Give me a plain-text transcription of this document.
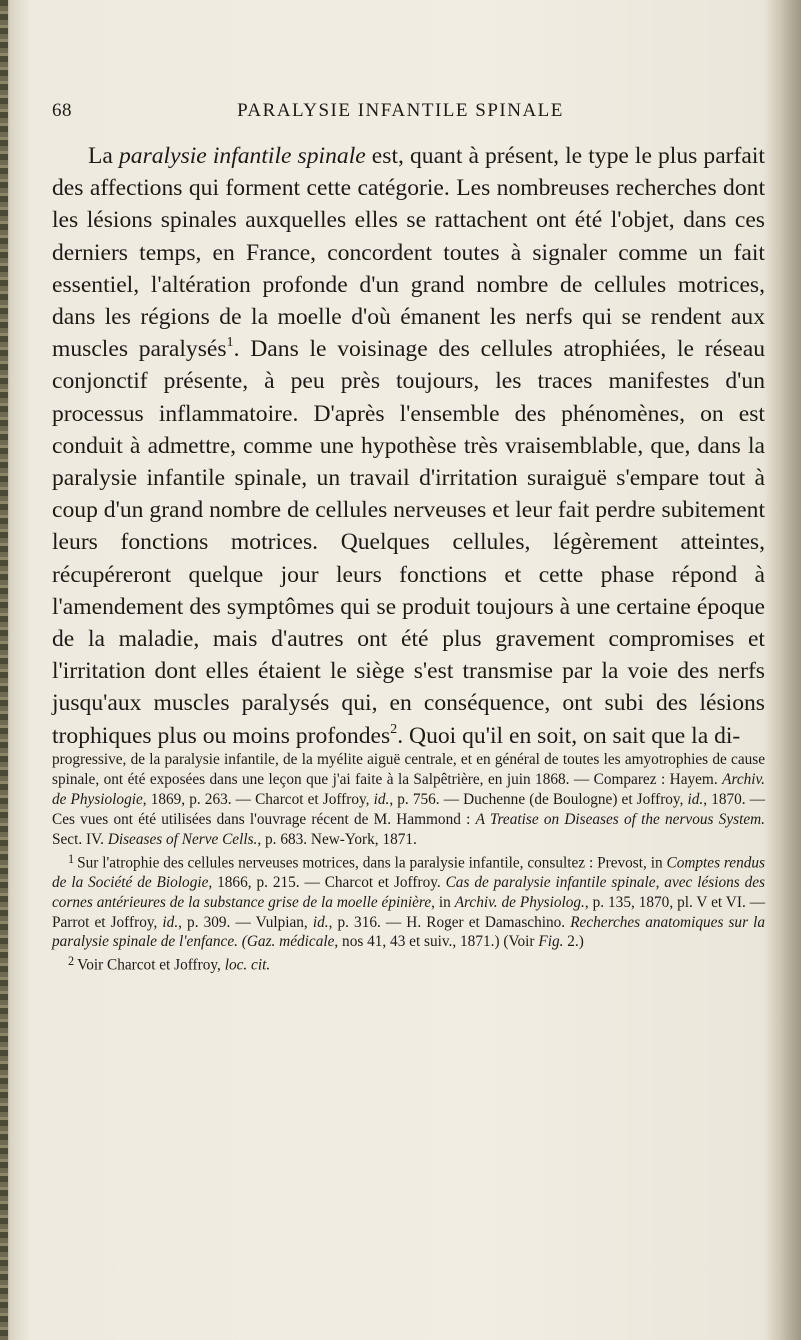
68	PARALYSIE INFANTILE SPINALE

La paralysie infantile spinale est, quant à présent, le type le plus parfait des affections qui forment cette catégorie. Les nombreuses recherches dont les lésions spinales auxquelles elles se rattachent ont été l'objet, dans ces derniers temps, en France, concordent toutes à signaler comme un fait essentiel, l'altération profonde d'un grand nombre de cellules motrices, dans les régions de la moelle d'où émanent les nerfs qui se rendent aux muscles paralysés$^1$. Dans le voisinage des cellules atrophiées, le réseau conjonctif présente, à peu près toujours, les traces manifestes d'un processus inflammatoire. D'après l'ensemble des phénomènes, on est conduit à admettre, comme une hypothèse très vraisemblable, que, dans la paralysie infantile spinale, un travail d'irritation suraiguë s'empare tout à coup d'un grand nombre de cellules nerveuses et leur fait perdre subitement leurs fonctions motrices. Quelques cellules, légèrement atteintes, récupéreront quelque jour leurs fonctions et cette phase répond à l'amendement des symptômes qui se produit toujours à une certaine époque de la maladie, mais d'autres ont été plus gravement compromises et l'irritation dont elles étaient le siège s'est transmise par la voie des nerfs jusqu'aux muscles paralysés qui, en conséquence, ont subi des lésions trophiques plus ou moins profondes$^2$. Quoi qu'il en soit, on sait que la di-

progressive, de la paralysie infantile, de la myélite aiguë centrale, et en général de toutes les amyotrophies de cause spinale, ont été exposées dans une leçon que j'ai faite à la Salpêtrière, en juin 1868. — Comparez : Hayem. Archiv. de Physiologie, 1869, p. 263. — Charcot et Joffroy, id., p. 756. — Duchenne (de Boulogne) et Joffroy, id., 1870. — Ces vues ont été utilisées dans l'ouvrage récent de M. Hammond : A Treatise on Diseases of the nervous System. Sect. IV. Diseases of Nerve Cells., p. 683. New-York, 1871.

$^1$ Sur l'atrophie des cellules nerveuses motrices, dans la paralysie infantile, consultez : Prevost, in Comptes rendus de la Société de Biologie, 1866, p. 215. — Charcot et Joffroy. Cas de paralysie infantile spinale, avec lésions des cornes antérieures de la substance grise de la moelle épinière, in Archiv. de Physiolog., p. 135, 1870, pl. V et VI. — Parrot et Joffroy, id., p. 309. — Vulpian, id., p. 316. — H. Roger et Damaschino. Recherches anatomiques sur la paralysie spinale de l'enfance. (Gaz. médicale, nos 41, 43 et suiv., 1871.) (Voir Fig. 2.)

$^2$ Voir Charcot et Joffroy, loc. cit.
